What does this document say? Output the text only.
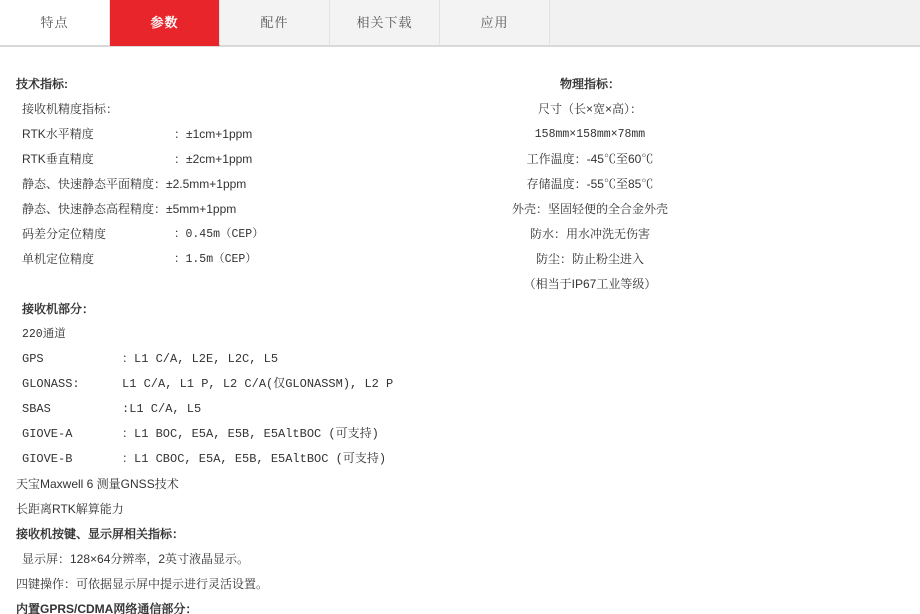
特点	参数	配件	相关下载	应用
技术指标:
接收机精度指标：
RTK水平精度	：±1cm+1ppm
RTK垂直精度	：±2cm+1ppm
静态、快速静态平面精度：±2.5mm+1ppm
静态、快速静态高程精度：±5mm+1ppm
码差分定位精度	：0.45m（CEP）
单机定位精度	：1.5m（CEP）
接收机部分：
220通道
GPS	：L1 C/A, L2E, L2C, L5
GLONASS:	L1 C/A, L1 P, L2 C/A(仅GLONASSM), L2 P
SBAS	:L1 C/A, L5
GIOVE-A	：L1 BOC, E5A, E5B, E5AltBOC (可支持)
GIOVE-B	：L1 CBOC, E5A, E5B, E5AltBOC (可支持)
天宝Maxwell 6 测量GNSS技术
长距离RTK解算能力
接收机按键、显示屏相关指标：
显示屏：128×64分辨率，2英寸液晶显示。
四键操作：可依据显示屏中提示进行灵活设置。
内置GPRS/CDMA网络通信部分：
物理指标：
尺寸（长×宽×高）：
158mm×158mm×78mm
工作温度：-45℃至60℃
存储温度：-55℃至85℃
外壳：坚固轻便的全合金外壳
防水：用水冲洗无伤害
防尘：防止粉尘进入
（相当于IP67工业等级）
